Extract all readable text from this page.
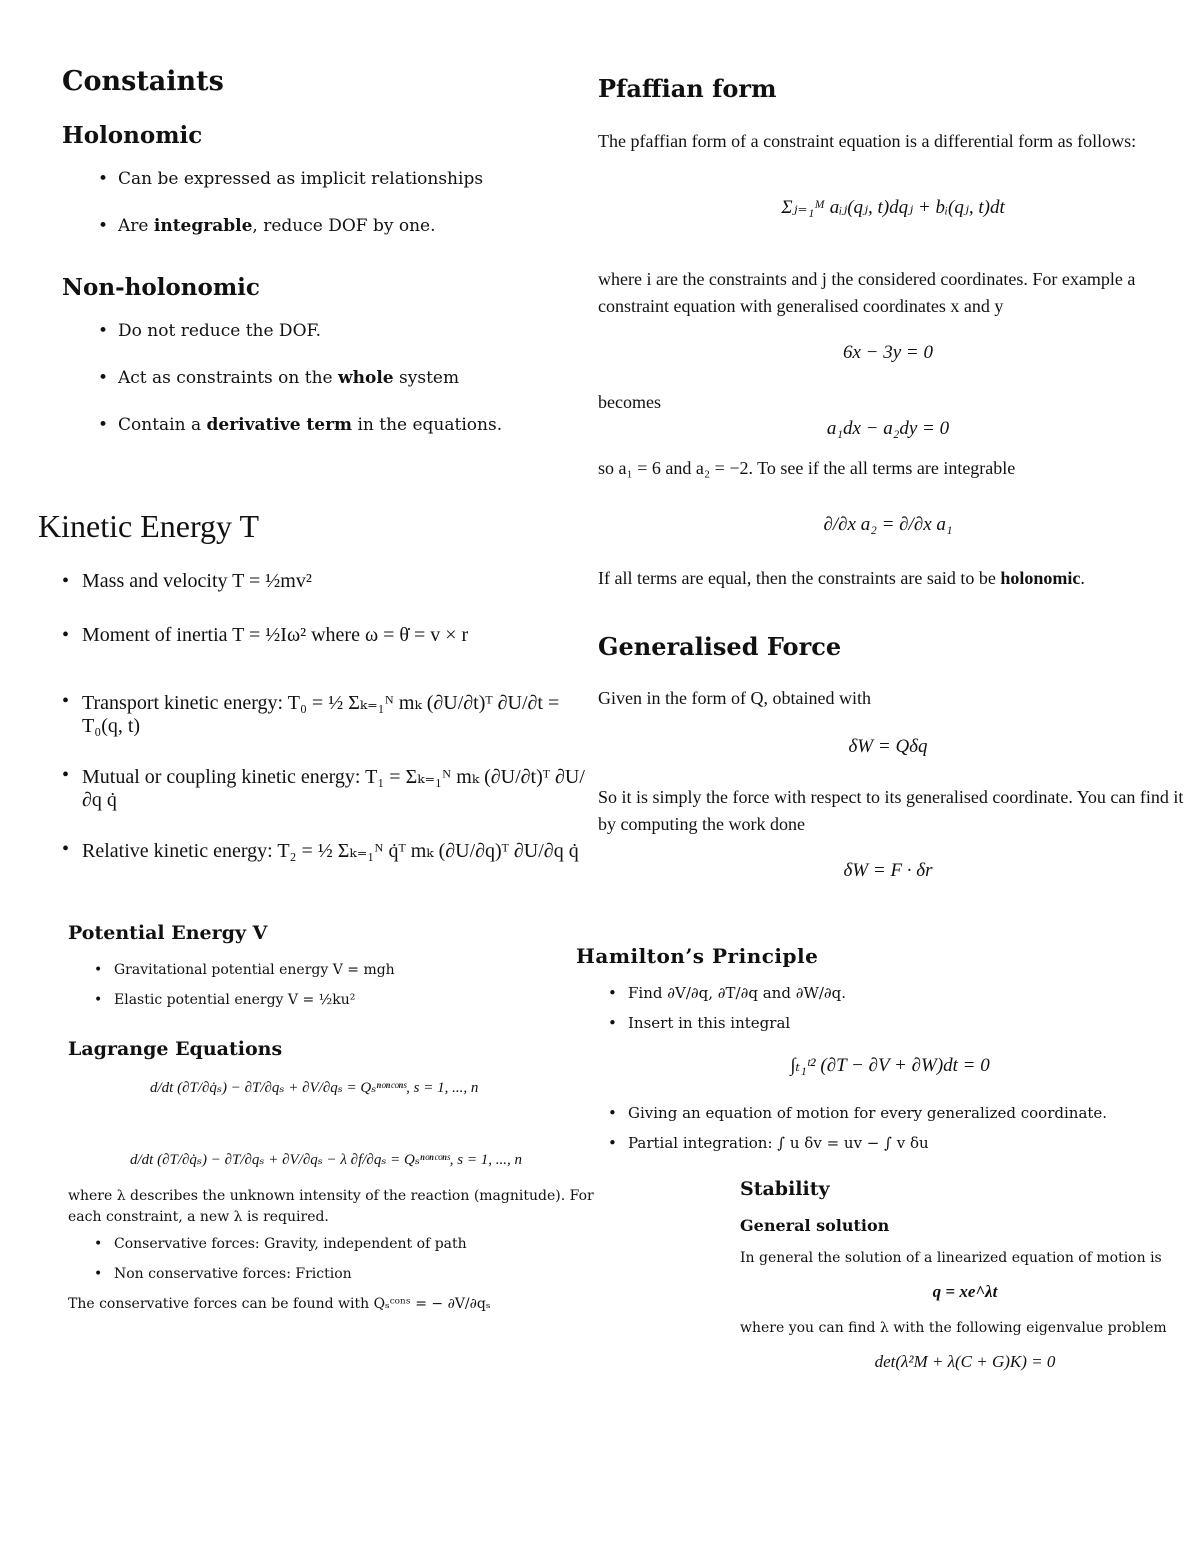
Constaints
Holonomic
• Can be expressed as implicit relationships
• Are integrable, reduce DOF by one.
Non-holonomic
• Do not reduce the DOF.
• Act as constraints on the whole system
• Contain a derivative term in the equations.
Kinetic Energy T
• Mass and velocity T = ½mv²
• Moment of inertia T = ½Iω² where ω = θ̇ = v × r
• Transport kinetic energy: T₀ = ½ Σₖ₌₁ᴺ mₖ (∂U/∂t)ᵀ ∂U/∂t = T₀(q, t)
• Mutual or coupling kinetic energy: T₁ = Σₖ₌₁ᴺ mₖ (∂U/∂t)ᵀ ∂U/∂q q̇
• Relative kinetic energy: T₂ = ½ Σₖ₌₁ᴺ q̇ᵀ mₖ (∂U/∂q)ᵀ ∂U/∂q q̇
Potential Energy V
• Gravitational potential energy V = mgh
• Elastic potential energy V = ½ku²
Lagrange Equations
d/dt (∂T/∂q̇ₛ) − ∂T/∂qₛ + ∂V/∂qₛ = Qₛⁿᵒⁿᶜᵒⁿˢ, s = 1, ..., n
d/dt (∂T/∂q̇ₛ) − ∂T/∂qₛ + ∂V/∂qₛ − λ ∂f/∂qₛ = Qₛⁿᵒⁿᶜᵒⁿˢ, s = 1, ..., n
where λ describes the unknown intensity of the reaction (magnitude). For each constraint, a new λ is required.
• Conservative forces: Gravity, independent of path
• Non conservative forces: Friction
The conservative forces can be found with Qₛᶜᵒⁿˢ = − ∂V/∂qₛ
Pfaffian form
The pfaffian form of a constraint equation is a differential form as follows:
Σⱼ₌₁ᴹ aᵢⱼ(qⱼ, t)dqⱼ + bᵢ(qⱼ, t)dt
where i are the constraints and j the considered coordinates. For example a constraint equation with generalised coordinates x and y
6x − 3y = 0
becomes
a₁dx − a₂dy = 0
so a₁ = 6 and a₂ = −2. To see if the all terms are integrable
∂/∂x a₂ = ∂/∂x a₁
If all terms are equal, then the constraints are said to be holonomic.
Generalised Force
Given in the form of Q, obtained with
δW = Qδq
So it is simply the force with respect to its generalised coordinate. You can find it by computing the work done
δW = F · δr
Hamilton’s Principle
• Find ∂V/∂q, ∂T/∂q and ∂W/∂q.
• Insert in this integral
∫ₜ₁ᵗ² (∂T − ∂V + ∂W)dt = 0
• Giving an equation of motion for every generalized coordinate.
• Partial integration: ∫ u δv = uv − ∫ v δu
Stability
General solution
In general the solution of a linearized equation of motion is
q = xe^λt
where you can find λ with the following eigenvalue problem
det(λ²M + λ(C + G)K) = 0
